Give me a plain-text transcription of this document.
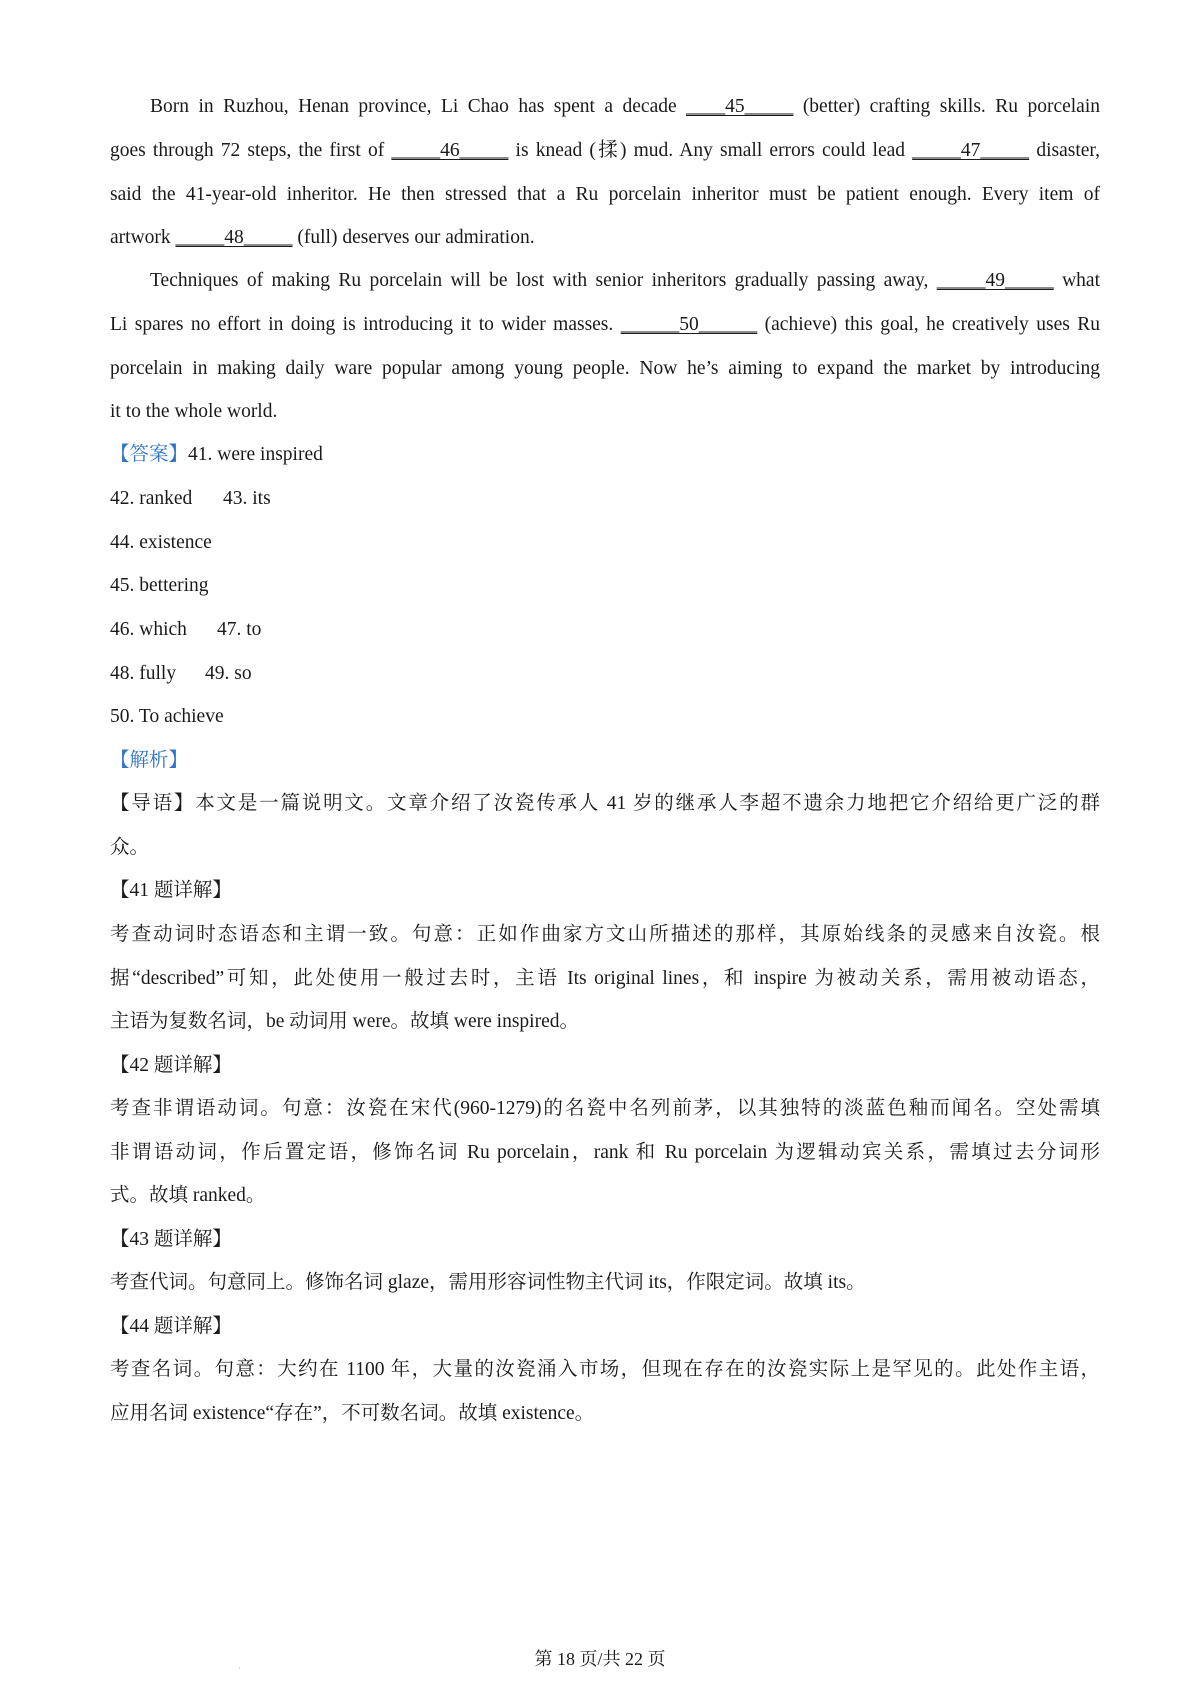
Born in Ruzhou, Henan province, Li Chao has spent a decade ____45_____ (better) crafting skills. Ru porcelain
goes through 72 steps, the first of _____46_____ is knead (揉) mud. Any small errors could lead _____47_____ disaster,
said the 41-year-old inheritor. He then stressed that a Ru porcelain inheritor must be patient enough. Every item of
artwork _____48_____ (full) deserves our admiration.
Techniques of making Ru porcelain will be lost with senior inheritors gradually passing away, _____49_____ what
Li spares no effort in doing is introducing it to wider masses. ______50______ (achieve) this goal, he creatively uses Ru
porcelain in making daily ware popular among young people. Now he’s aiming to expand the market by introducing
it to the whole world.
【答案】41. were inspired
42. ranked 43. its
44. existence
45. bettering
46. which 47. to
48. fully 49. so
50. To achieve
【解析】
【导语】本文是一篇说明文。文章介绍了汝瓷传承人 41 岁的继承人李超不遗余力地把它介绍给更广泛的群
众。
【41 题详解】
考查动词时态语态和主谓一致。句意：正如作曲家方文山所描述的那样，其原始线条的灵感来自汝瓷。根
据“described”可知，此处使用一般过去时，主语 Its original lines，和 inspire 为被动关系，需用被动语态，
主语为复数名词，be 动词用 were。故填 were inspired。
【42 题详解】
考查非谓语动词。句意：汝瓷在宋代(960-1279)的名瓷中名列前茅，以其独特的淡蓝色釉而闻名。空处需填
非谓语动词，作后置定语，修饰名词 Ru porcelain，rank 和 Ru porcelain 为逻辑动宾关系，需填过去分词形
式。故填 ranked。
【43 题详解】
考查代词。句意同上。修饰名词 glaze，需用形容词性物主代词 its，作限定词。故填 its。
【44 题详解】
考查名词。句意：大约在 1100 年，大量的汝瓷涌入市场，但现在存在的汝瓷实际上是罕见的。此处作主语，
应用名词 existence“存在”，不可数名词。故填 existence。
·	第 18 页/共 22 页
